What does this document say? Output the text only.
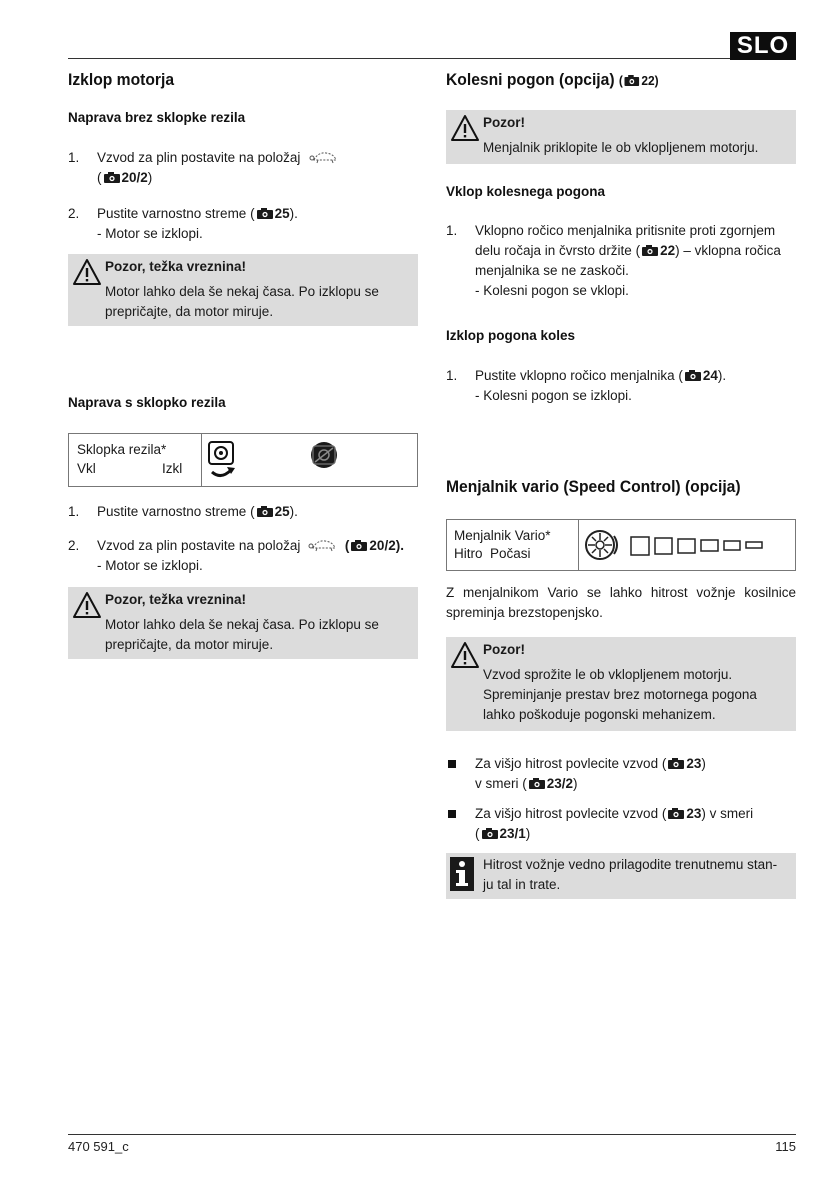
SLO
Izklop motorja
Naprava brez sklopke rezila
1.	Vzvod za plin postavite na položaj
( 20/2)
2.	Pustite varnostno streme ( 25).
- Motor se izklopi.
Pozor, težka vreznina!
Motor lahko dela še nekaj časa. Po izklopu se
prepričajte, da motor miruje.
Naprava s sklopko rezila
Sklopka rezila*
Vkl	Izkl
1.	Pustite varnostno streme ( 25).
2.	Vzvod za plin postavite na položaj	( 20/2).
- Motor se izklopi.
Pozor, težka vreznina!
Motor lahko dela še nekaj časa. Po izklopu se
prepričajte, da motor miruje.
Kolesni pogon (opcija) ( 22)
Pozor!
Menjalnik priklopite le ob vklopljenem motorju.
Vklop kolesnega pogona
1.	Vklopno ročico menjalnika pritisnite proti zgornjem
delu ročaja in čvrsto držite ( 22) – vklopna ročica
menjalnika se ne zaskoči.
- Kolesni pogon se vklopi.
Izklop pogona koles
1.	Pustite vklopno ročico menjalnika ( 24).
- Kolesni pogon se izklopi.
Menjalnik vario (Speed Control) (opcija)
Menjalnik Vario*
Hitro Počasi
Z menjalnikom Vario se lahko hitrost vožnje kosilnice
spreminja brezstopenjsko.
Pozor!
Vzvod sprožite le ob vklopljenem motorju.
Spreminjanje prestav brez motornega pogona
lahko poškoduje pogonski mehanizem.
Za višjo hitrost povlecite vzvod ( 23)
v smeri ( 23/2)
Za višjo hitrost povlecite vzvod ( 23) v smeri
( 23/1)
Hitrost vožnje vedno prilagodite trenutnemu stan-
ju tal in trate.
470 591_c	115
